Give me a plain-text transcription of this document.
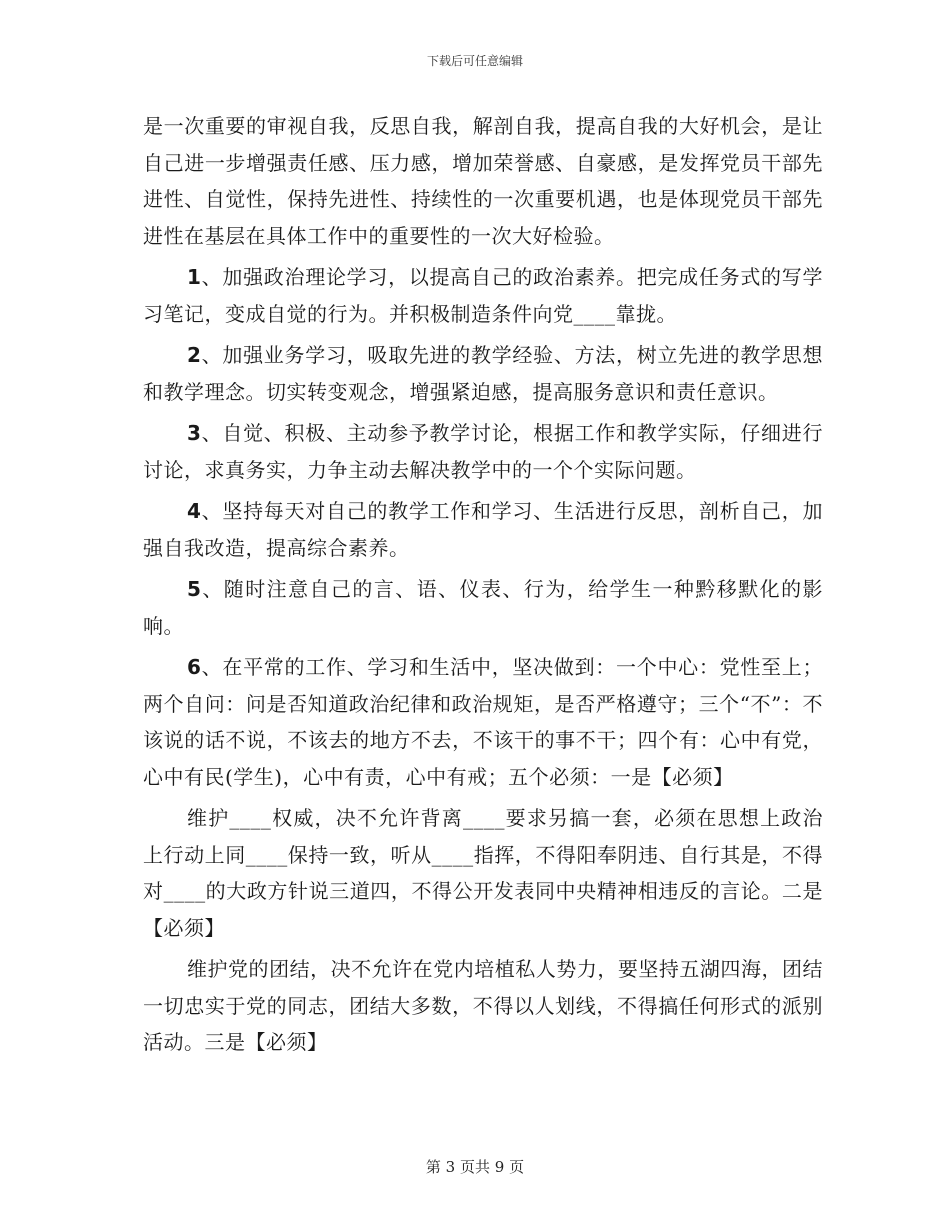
下载后可任意编辑

是一次重要的审视自我，反思自我，解剖自我，提高自我的大好机会，是让自己进一步增强责任感、压力感，增加荣誉感、自豪感，是发挥党员干部先进性、自觉性，保持先进性、持续性的一次重要机遇，也是体现党员干部先进性在基层在具体工作中的重要性的一次大好检验。

1、加强政治理论学习，以提高自己的政治素养。把完成任务式的写学习笔记，变成自觉的行为。并积极制造条件向党____靠拢。

2、加强业务学习，吸取先进的教学经验、方法，树立先进的教学思想和教学理念。切实转变观念，增强紧迫感，提高服务意识和责任意识。

3、自觉、积极、主动参予教学讨论，根据工作和教学实际，仔细进行讨论，求真务实，力争主动去解决教学中的一个个实际问题。

4、坚持每天对自己的教学工作和学习、生活进行反思，剖析自己，加强自我改造，提高综合素养。

5、随时注意自己的言、语、仪表、行为，给学生一种黔移默化的影响。

6、在平常的工作、学习和生活中，坚决做到：一个中心：党性至上；两个自问：问是否知道政治纪律和政治规矩，是否严格遵守；三个“不”：不该说的话不说，不该去的地方不去，不该干的事不干；四个有：心中有党，心中有民(学生)，心中有责，心中有戒；五个必须：一是【必须】

维护____权威，决不允许背离____要求另搞一套，必须在思想上政治上行动上同____保持一致，听从____指挥，不得阳奉阴违、自行其是，不得对____的大政方针说三道四，不得公开发表同中央精神相违反的言论。二是【必须】

维护党的团结，决不允许在党内培植私人势力，要坚持五湖四海，团结一切忠实于党的同志，团结大多数，不得以人划线，不得搞任何形式的派别活动。三是【必须】

第 3 页共 9 页
